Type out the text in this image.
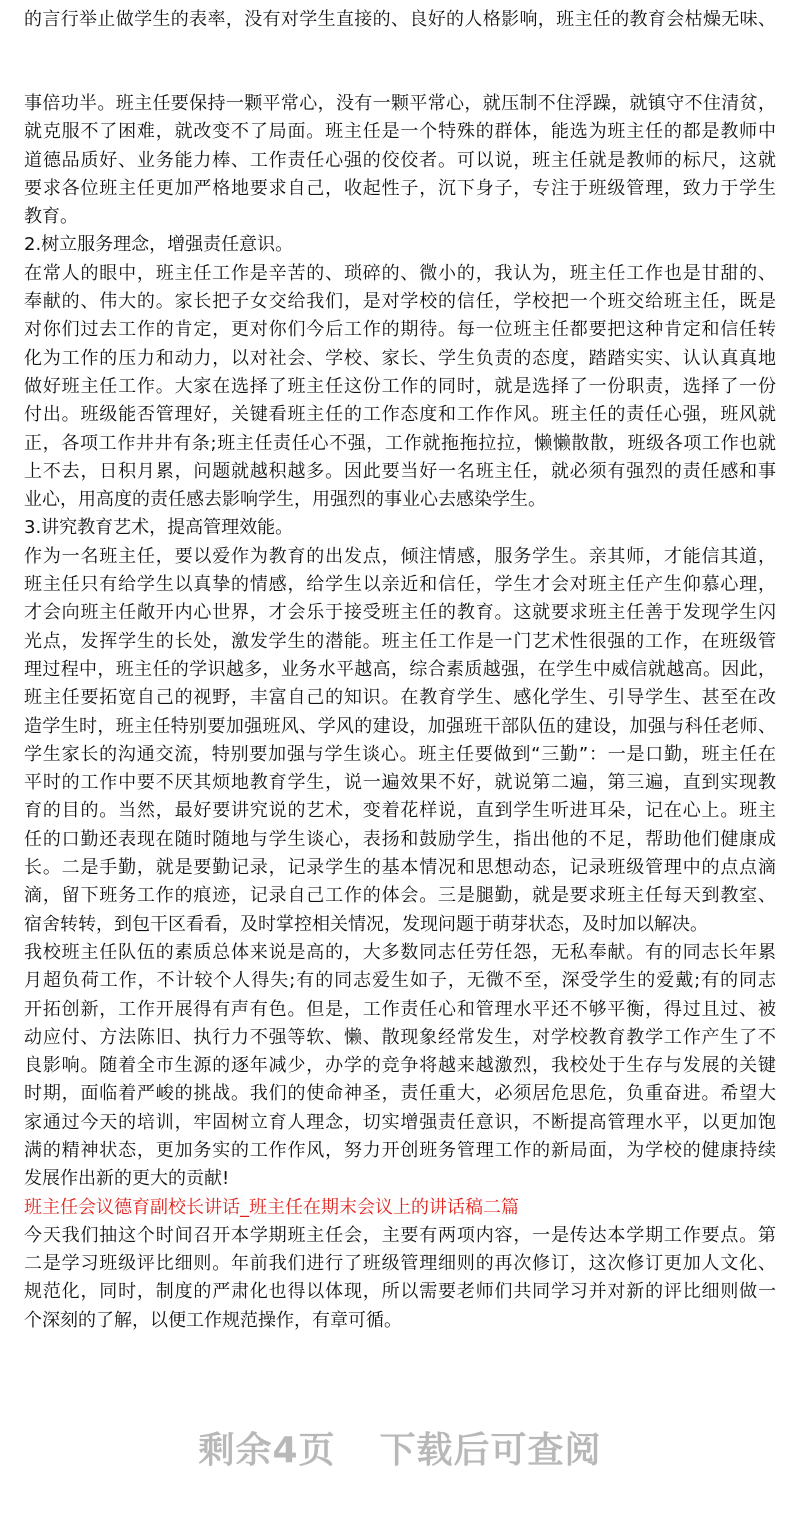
的言行举止做学生的表率，没有对学生直接的、良好的人格影响，班主任的教育会枯燥无味、
事倍功半。班主任要保持一颗平常心，没有一颗平常心，就压制不住浮躁，就镇守不住清贫，
就克服不了困难，就改变不了局面。班主任是一个特殊的群体，能选为班主任的都是教师中
道德品质好、业务能力棒、工作责任心强的佼佼者。可以说，班主任就是教师的标尺，这就
要求各位班主任更加严格地要求自己，收起性子，沉下身子，专注于班级管理，致力于学生
教育。
2.树立服务理念，增强责任意识。
在常人的眼中，班主任工作是辛苦的、琐碎的、微小的，我认为，班主任工作也是甘甜的、
奉献的、伟大的。家长把子女交给我们，是对学校的信任，学校把一个班交给班主任，既是
对你们过去工作的肯定，更对你们今后工作的期待。每一位班主任都要把这种肯定和信任转
化为工作的压力和动力，以对社会、学校、家长、学生负责的态度，踏踏实实、认认真真地
做好班主任工作。大家在选择了班主任这份工作的同时，就是选择了一份职责，选择了一份
付出。班级能否管理好，关键看班主任的工作态度和工作作风。班主任的责任心强，班风就
正，各项工作井井有条;班主任责任心不强，工作就拖拖拉拉，懒懒散散，班级各项工作也就
上不去，日积月累，问题就越积越多。因此要当好一名班主任，就必须有强烈的责任感和事
业心，用高度的责任感去影响学生，用强烈的事业心去感染学生。
3.讲究教育艺术，提高管理效能。
作为一名班主任，要以爱作为教育的出发点，倾注情感，服务学生。亲其师，才能信其道，
班主任只有给学生以真挚的情感，给学生以亲近和信任，学生才会对班主任产生仰慕心理，
才会向班主任敞开内心世界，才会乐于接受班主任的教育。这就要求班主任善于发现学生闪
光点，发挥学生的长处，激发学生的潜能。班主任工作是一门艺术性很强的工作，在班级管
理过程中，班主任的学识越多，业务水平越高，综合素质越强，在学生中威信就越高。因此，
班主任要拓宽自己的视野，丰富自己的知识。在教育学生、感化学生、引导学生、甚至在改
造学生时，班主任特别要加强班风、学风的建设，加强班干部队伍的建设，加强与科任老师、
学生家长的沟通交流，特别要加强与学生谈心。班主任要做到“三勤”：一是口勤，班主任在
平时的工作中要不厌其烦地教育学生，说一遍效果不好，就说第二遍，第三遍，直到实现教
育的目的。当然，最好要讲究说的艺术，变着花样说，直到学生听进耳朵，记在心上。班主
任的口勤还表现在随时随地与学生谈心，表扬和鼓励学生，指出他的不足，帮助他们健康成
长。二是手勤，就是要勤记录，记录学生的基本情况和思想动态，记录班级管理中的点点滴
滴，留下班务工作的痕迹，记录自己工作的体会。三是腿勤，就是要求班主任每天到教室、
宿舍转转，到包干区看看，及时掌控相关情况，发现问题于萌芽状态，及时加以解决。
我校班主任队伍的素质总体来说是高的，大多数同志任劳任怨，无私奉献。有的同志长年累
月超负荷工作，不计较个人得失;有的同志爱生如子，无微不至，深受学生的爱戴;有的同志
开拓创新，工作开展得有声有色。但是，工作责任心和管理水平还不够平衡，得过且过、被
动应付、方法陈旧、执行力不强等软、懒、散现象经常发生，对学校教育教学工作产生了不
良影响。随着全市生源的逐年减少，办学的竞争将越来越激烈，我校处于生存与发展的关键
时期，面临着严峻的挑战。我们的使命神圣，责任重大，必须居危思危，负重奋进。希望大
家通过今天的培训，牢固树立育人理念，切实增强责任意识，不断提高管理水平，以更加饱
满的精神状态，更加务实的工作作风，努力开创班务管理工作的新局面，为学校的健康持续
发展作出新的更大的贡献!
班主任会议德育副校长讲话_班主任在期末会议上的讲话稿二篇
今天我们抽这个时间召开本学期班主任会，主要有两项内容，一是传达本学期工作要点。第
二是学习班级评比细则。年前我们进行了班级管理细则的再次修订，这次修订更加人文化、
规范化，同时，制度的严肃化也得以体现，所以需要老师们共同学习并对新的评比细则做一
个深刻的了解，以便工作规范操作，有章可循。
剩余4页 下载后可查阅
